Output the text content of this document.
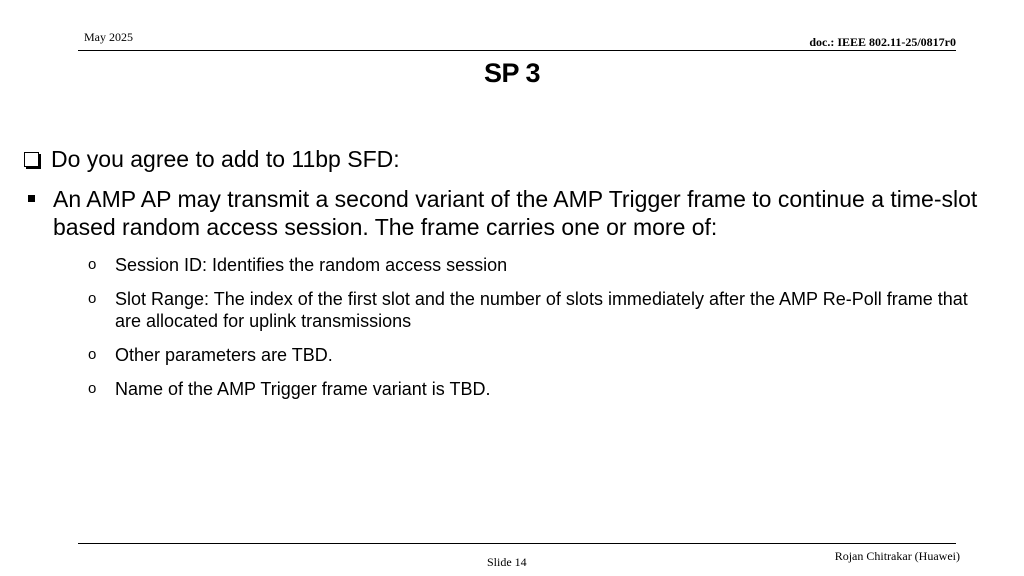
May 2025	doc.: IEEE 802.11-25/0817r0
SP 3
Do you agree to add to 11bp SFD:
An AMP AP may transmit a second variant of the AMP Trigger frame to continue a time-slot based random access session. The frame carries one or more of:
o	Session ID: Identifies the random access session
o	Slot Range: The index of the first slot and the number of slots immediately after the AMP Re-Poll frame that are allocated for uplink transmissions
o	Other parameters are TBD.
o	Name of the AMP Trigger frame variant is TBD.
Slide 14	Rojan Chitrakar (Huawei)
